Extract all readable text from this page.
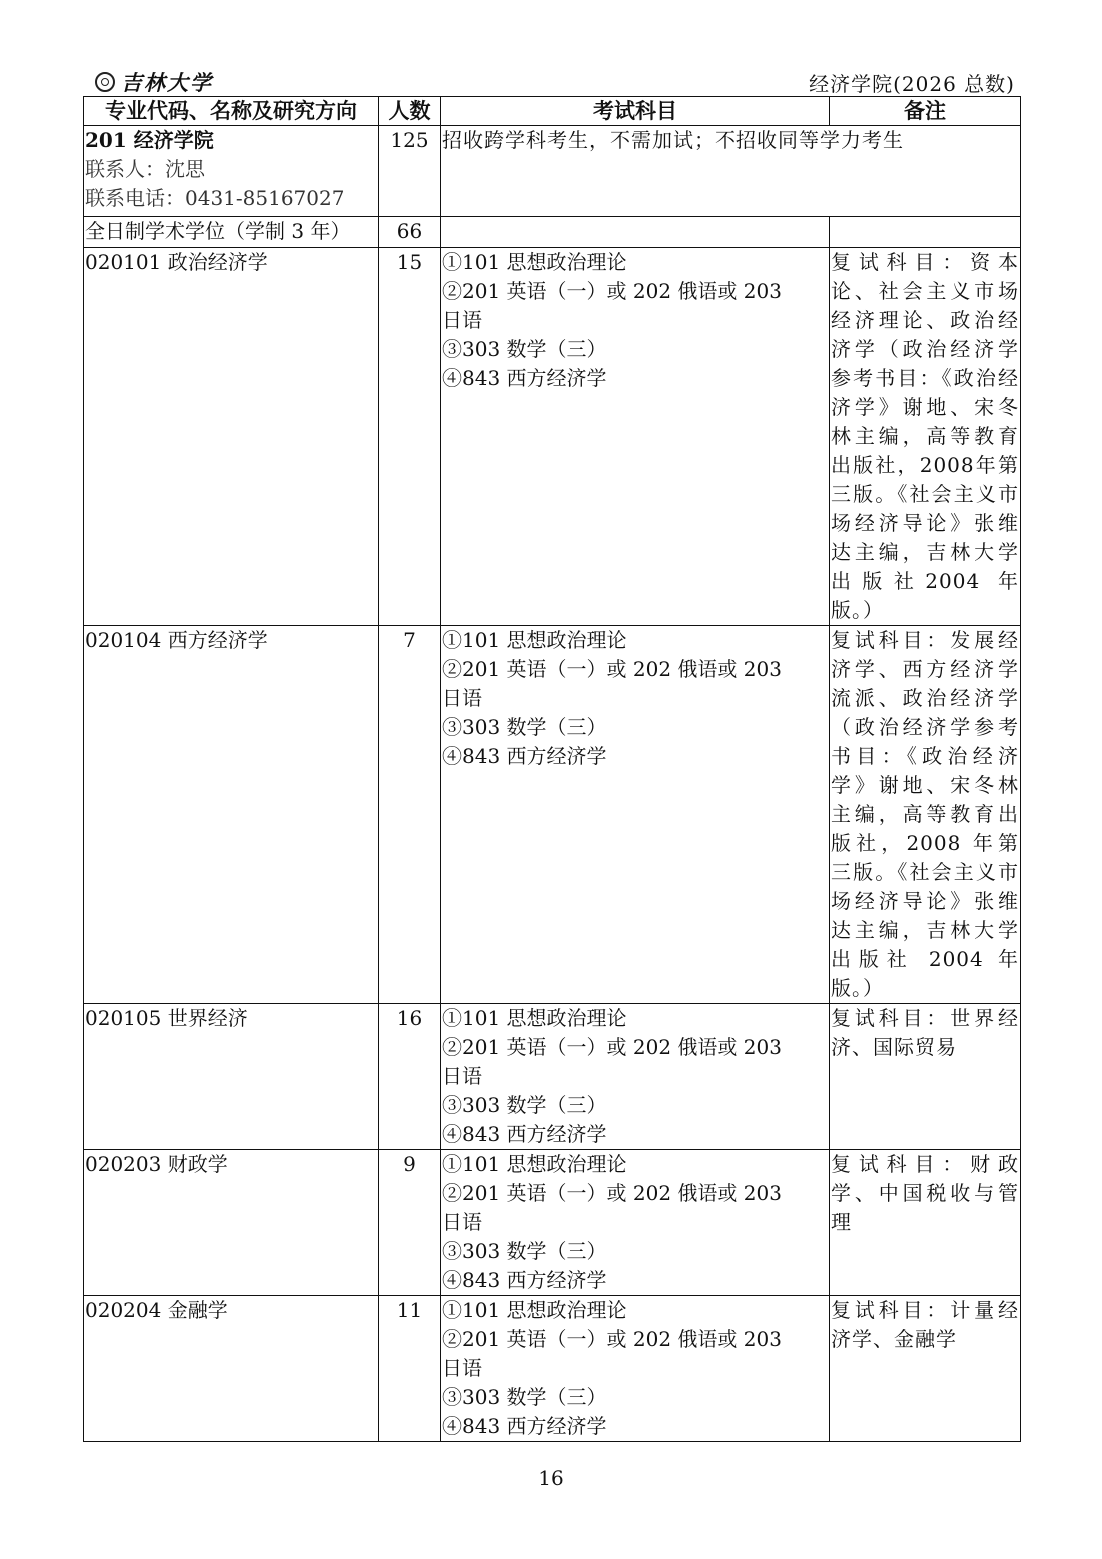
吉林大学	经济学院(2026 总数)
专业代码、名称及研究方向	人数	考试科目	备注

201 经济学院
联系人：沈思
联系电话：0431-85167027	125	招收跨学科考生，不需加试；不招收同等学力考生	
全日制学术学位（学制 3 年）	66		
020101 政治经济学	15	①101 思想政治理论
②201 英语（一）或 202 俄语或 203
日语
③303 数学（三）
④843 西方经济学	复试科目：资本论、社会主义市场经济理论、政治经济学（政治经济学参考书目：《政治经济学》谢地、宋冬林主编，高等教育出版社，2008年第三版。《社会主义市场经济导论》张维达主编，吉林大学出版社2004 年版。）
020104 西方经济学	7	①101 思想政治理论
②201 英语（一）或 202 俄语或 203
日语
③303 数学（三）
④843 西方经济学	复试科目：发展经济学、西方经济学流派、政治经济学（政治经济学参考书目：《政治经济学》谢地、宋冬林主编，高等教育出版社，2008 年第三版。《社会主义市场经济导论》张维达主编，吉林大学出版社 2004 年版。）
020105 世界经济	16	①101 思想政治理论
②201 英语（一）或 202 俄语或 203
日语
③303 数学（三）
④843 西方经济学	复试科目：世界经济、国际贸易
020203 财政学	9	①101 思想政治理论
②201 英语（一）或 202 俄语或 203
日语
③303 数学（三）
④843 西方经济学	复试科目：财政学、中国税收与管理
020204 金融学	11	①101 思想政治理论
②201 英语（一）或 202 俄语或 203
日语
③303 数学（三）
④843 西方经济学	复试科目：计量经济学、金融学
16
